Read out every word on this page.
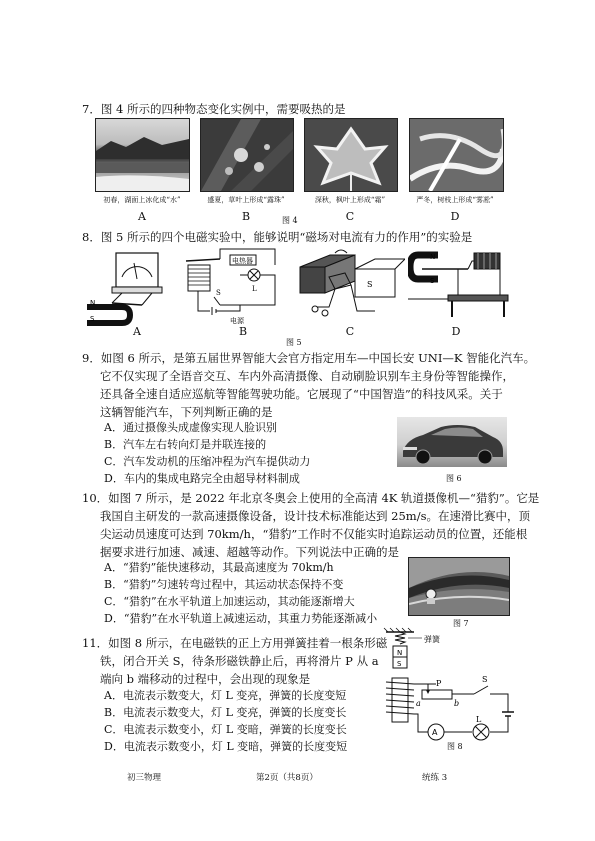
7．图 4 所示的四种物态变化实例中，需要吸热的是
初春，湖面上冰化成“水”	盛夏，草叶上形成“露珠”	深秋，枫叶上形成“霜”	严冬，树枝上形成“雾凇”
A	B	图 4	C	D
8．图 5 所示的四个电磁实验中，能够说明“磁场对电流有力的作用”的实验是
N
S
电热器
L
S
电源
S
N
S
A	B
图 5
C	D
9．如图 6 所示，是第五届世界智能大会官方指定用车—中国长安 UNI—K 智能化汽车。
它不仅实现了全语音交互、车内外高清摄像、自动刷脸识别车主身份等智能操作，
还具备全速自适应巡航等智能驾驶功能。它展现了“中国智造”的科技风采。关于
这辆智能汽车，下列判断正确的是
A．通过摄像头成虚像实现人脸识别
B．汽车左右转向灯是并联连接的
C．汽车发动机的压缩冲程为汽车提供动力
D．车内的集成电路完全由超导材料制成	图 6
10．如图 7 所示，是 2022 年北京冬奥会上使用的全高清 4K 轨道摄像机—“猎豹”。它是
我国自主研发的一款高速摄像设备，设计技术标准能达到 25m/s。在速滑比赛中，顶
尖运动员速度可达到 70km/h，“猎豹”工作时不仅能实时追踪运动员的位置，还能根
据要求进行加速、减速、超越等动作。下列说法中正确的是
A．“猎豹”能快速移动，其最高速度为 70km/h
B．“猎豹”匀速转弯过程中，其运动状态保持不变
C．“猎豹”在水平轨道上加速运动，其动能逐渐增大
D．“猎豹”在水平轨道上减速运动，其重力势能逐渐减小	图 7
11．如图 8 所示，在电磁铁的正上方用弹簧挂着一根条形磁
铁，闭合开关 S，待条形磁铁静止后，再将滑片 P 从 a
端向 b 端移动的过程中，会出现的现象是
A．电流表示数变大，灯 L 变亮，弹簧的长度变短
B．电流表示数变大，灯 L 变亮，弹簧的长度变长
C．电流表示数变小，灯 L 变暗，弹簧的长度变长
D．电流表示数变小，灯 L 变暗，弹簧的长度变短
弹簧
N
S
P
a	b
S
A
L
图 8
初三物理	第2页（共8页）	统练 3
